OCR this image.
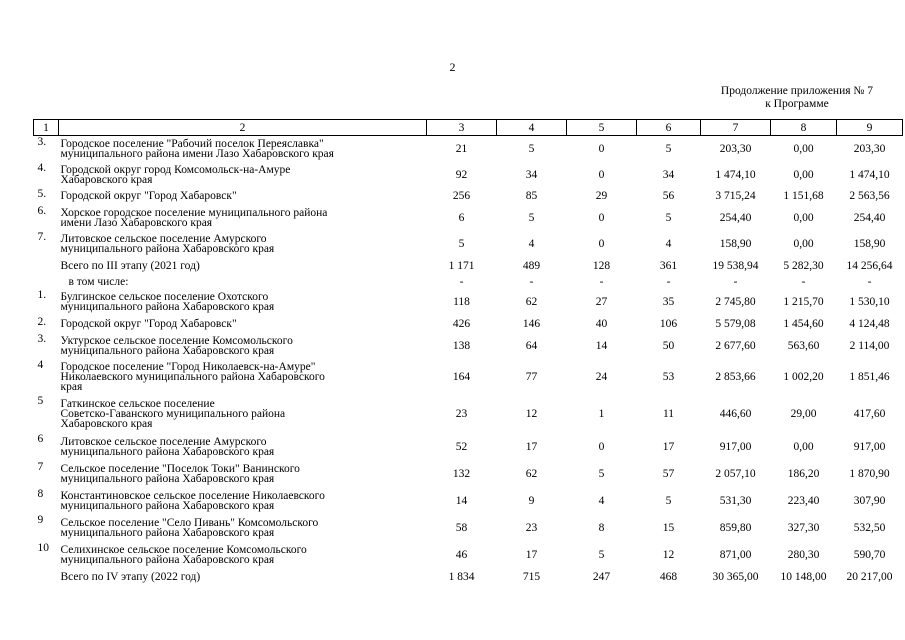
2
Продолжение приложения № 7
к Программе
1	2	3	4	5	6	7	8	9
3.	Городское поселение "Рабочий поселок Переяславка"
муниципального района имени Лазо Хабаровского края	21	5	0	5	203,30	0,00	203,30
4.	Городской округ город Комсомольск-на-Амуре
Хабаровского края	92	34	0	34	1 474,10	0,00	1 474,10
5.	Городской округ "Город Хабаровск"	256	85	29	56	3 715,24	1 151,68	2 563,56
6.	Хорское городское поселение муниципального района
имени Лазо Хабаровского края	6	5	0	5	254,40	0,00	254,40
7.	Литовское сельское поселение Амурского
муниципального района Хабаровского края	5	4	0	4	158,90	0,00	158,90

	Всего по III этапу (2021 год)	1 171	489	128	361	19 538,94	5 282,30	14 256,64
	в том числе:	-	-	-	-	-	-	-
1.	Булгинское сельское поселение Охотского
муниципального района Хабаровского края	118	62	27	35	2 745,80	1 215,70	1 530,10
2.	Городской округ "Город Хабаровск"	426	146	40	106	5 579,08	1 454,60	4 124,48
3.	Уктурское сельское поселение Комсомольского
муниципального района Хабаровского края	138	64	14	50	2 677,60	563,60	2 114,00
4	Городское поселение "Город Николаевск-на-Амуре"
Николаевского муниципального района Хабаровского
края	164	77	24	53	2 853,66	1 002,20	1 851,46
5	Гаткинское сельское поселение
Советско-Гаванского муниципального района
Хабаровского края	23	12	1	11	446,60	29,00	417,60
6	Литовское сельское поселение Амурского
муниципального района Хабаровского края	52	17	0	17	917,00	0,00	917,00
7	Сельское поселение "Поселок Токи" Ванинского
муниципального района Хабаровского края	132	62	5	57	2 057,10	186,20	1 870,90
8	Константиновское сельское поселение Николаевского
муниципального района Хабаровского края	14	9	4	5	531,30	223,40	307,90
9	Сельское поселение "Село Пивань" Комсомольского
муниципального района Хабаровского края	58	23	8	15	859,80	327,30	532,50
10	Селихинское сельское поселение Комсомольского
муниципального района Хабаровского края	46	17	5	12	871,00	280,30	590,70

	Всего по IV этапу (2022 год)	1 834	715	247	468	30 365,00	10 148,00	20 217,00
